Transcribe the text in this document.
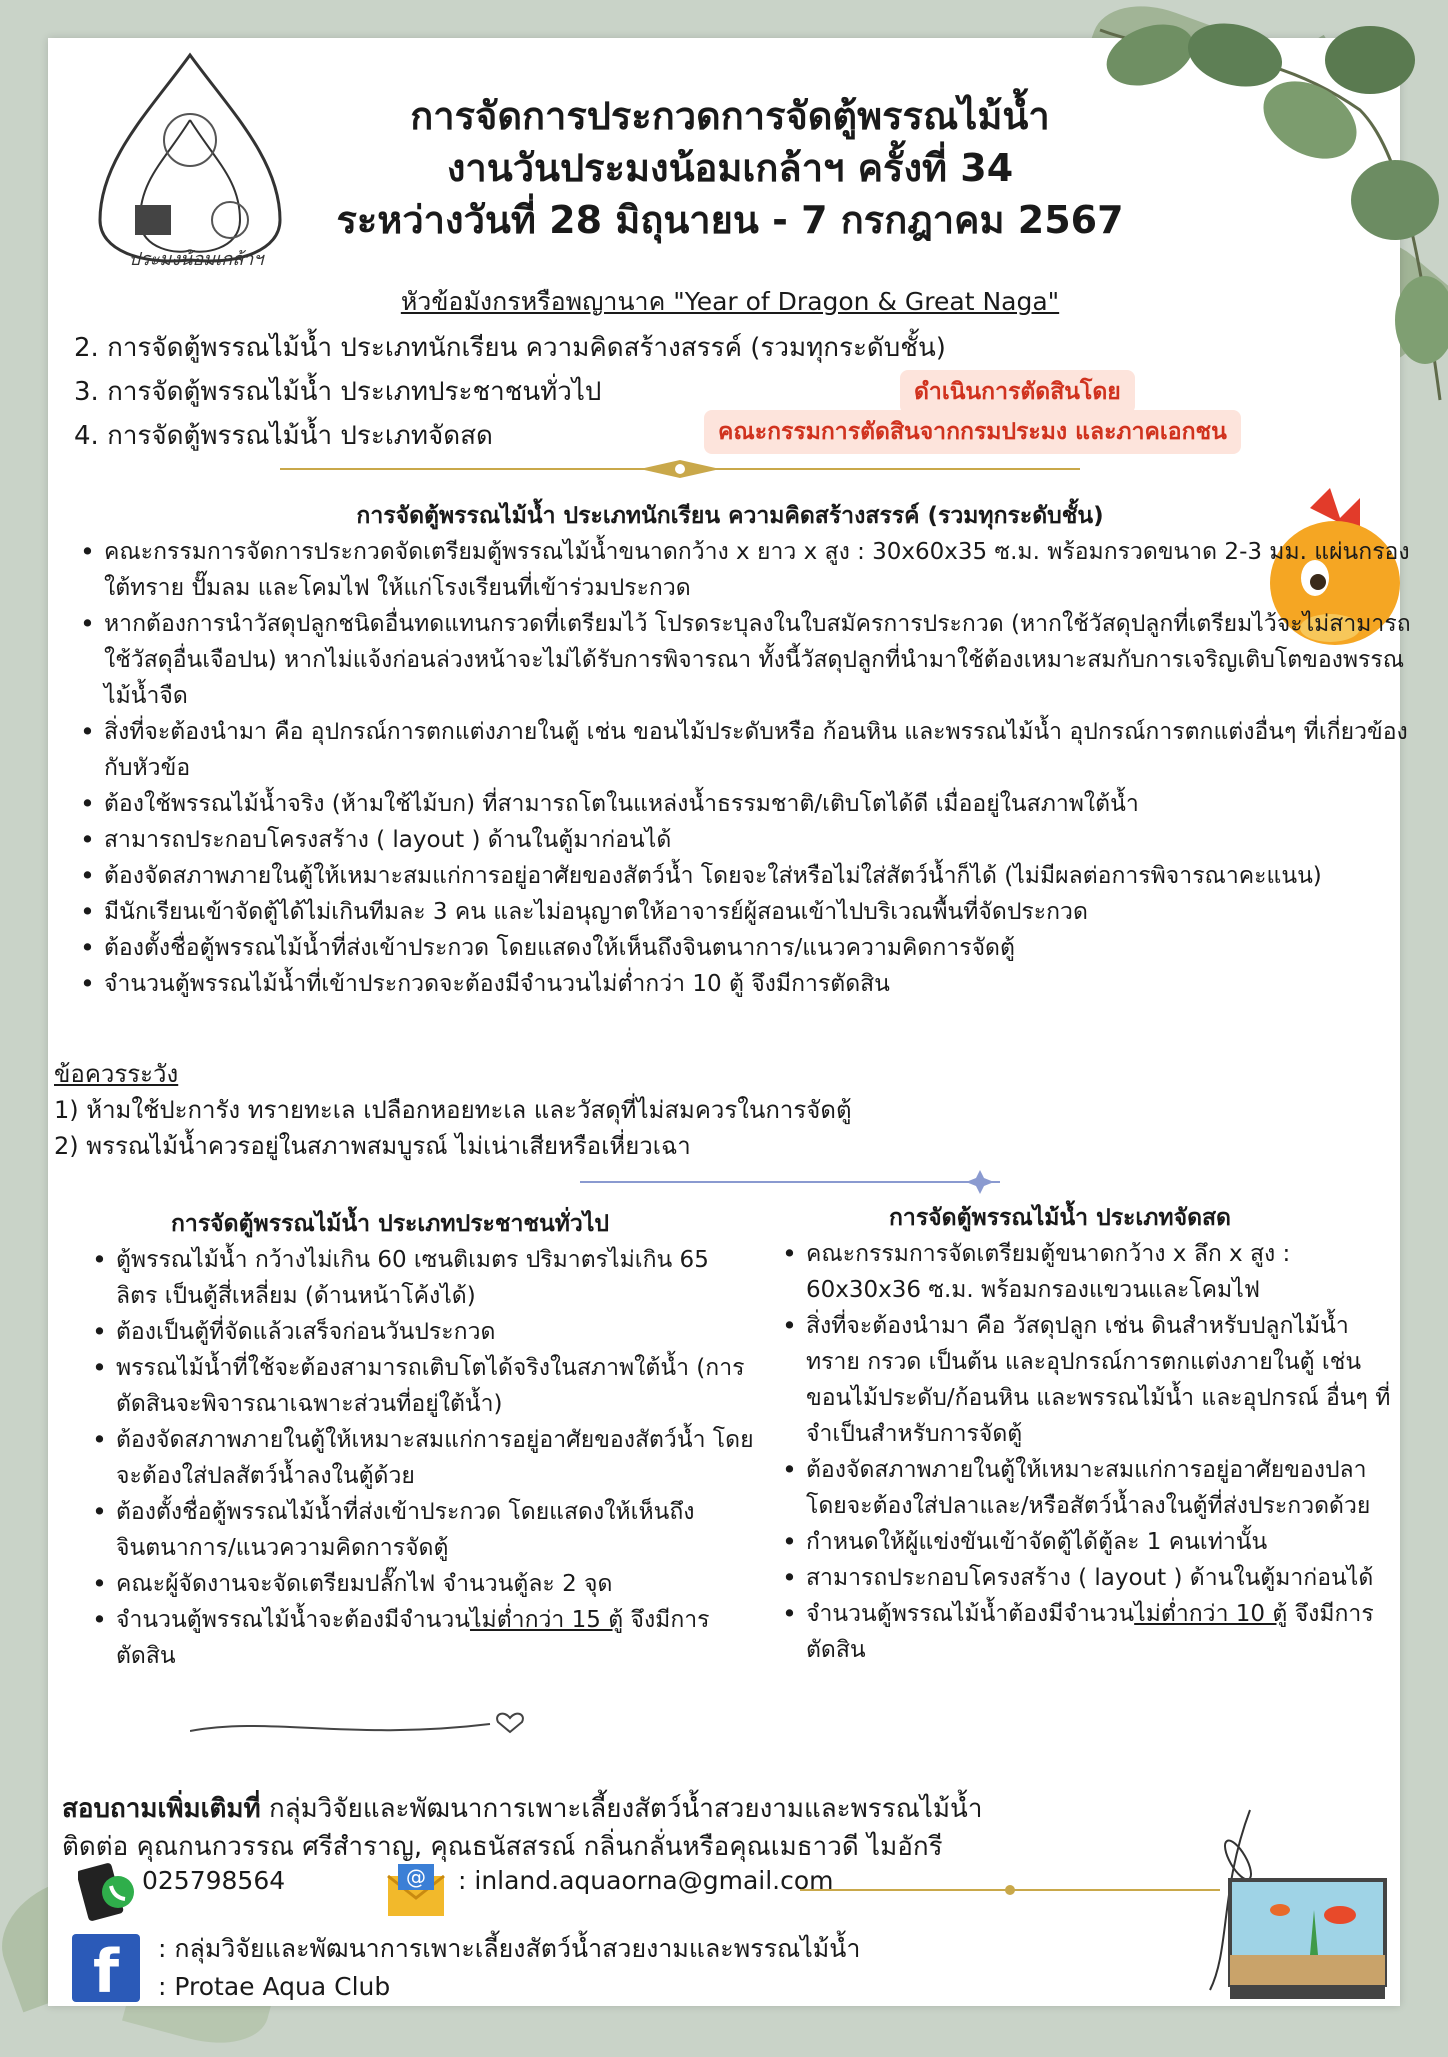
ประมงน้อมเกล้าฯ
การจัดการประกวดการจัดตู้พรรณไม้น้ำ
งานวันประมงน้อมเกล้าฯ ครั้งที่ 34
ระหว่างวันที่ 28 มิถุนายน - 7 กรกฎาคม 2567
หัวข้อมังกรหรือพญานาค "Year of Dragon & Great Naga"
2. การจัดตู้พรรณไม้น้ำ ประเภทนักเรียน ความคิดสร้างสรรค์ (รวมทุกระดับชั้น)
3. การจัดตู้พรรณไม้น้ำ ประเภทประชาชนทั่วไป
4. การจัดตู้พรรณไม้น้ำ ประเภทจัดสด
ดำเนินการตัดสินโดย
คณะกรรมการตัดสินจากกรมประมง และภาคเอกชน
การจัดตู้พรรณไม้น้ำ ประเภทนักเรียน ความคิดสร้างสรรค์ (รวมทุกระดับชั้น)
• คณะกรรมการจัดการประกวดจัดเตรียมตู้พรรณไม้น้ำขนาดกว้าง x ยาว x สูง : 30x60x35 ซ.ม. พร้อมกรวดขนาด 2-3 มม. แผ่นกรองใต้ทราย ปั๊มลม และโคมไฟ ให้แก่โรงเรียนที่เข้าร่วมประกวด
• หากต้องการนำวัสดุปลูกชนิดอื่นทดแทนกรวดที่เตรียมไว้ โปรดระบุลงในใบสมัครการประกวด (หากใช้วัสดุปลูกที่เตรียมไว้จะไม่สามารถใช้วัสดุอื่นเจือปน) หากไม่แจ้งก่อนล่วงหน้าจะไม่ได้รับการพิจารณา ทั้งนี้วัสดุปลูกที่นำมาใช้ต้องเหมาะสมกับการเจริญเติบโตของพรรณไม้น้ำจืด
• สิ่งที่จะต้องนำมา คือ อุปกรณ์การตกแต่งภายในตู้ เช่น ขอนไม้ประดับหรือ ก้อนหิน และพรรณไม้น้ำ อุปกรณ์การตกแต่งอื่นๆ ที่เกี่ยวข้องกับหัวข้อ
• ต้องใช้พรรณไม้น้ำจริง (ห้ามใช้ไม้บก) ที่สามารถโตในแหล่งน้ำธรรมชาติ/เติบโตได้ดี เมื่ออยู่ในสภาพใต้น้ำ
• สามารถประกอบโครงสร้าง ( layout ) ด้านในตู้มาก่อนได้
• ต้องจัดสภาพภายในตู้ให้เหมาะสมแก่การอยู่อาศัยของสัตว์น้ำ โดยจะใส่หรือไม่ใส่สัตว์น้ำก็ได้ (ไม่มีผลต่อการพิจารณาคะแนน)
• มีนักเรียนเข้าจัดตู้ได้ไม่เกินทีมละ 3 คน และไม่อนุญาตให้อาจารย์ผู้สอนเข้าไปบริเวณพื้นที่จัดประกวด
• ต้องตั้งชื่อตู้พรรณไม้น้ำที่ส่งเข้าประกวด โดยแสดงให้เห็นถึงจินตนาการ/แนวความคิดการจัดตู้
• จำนวนตู้พรรณไม้น้ำที่เข้าประกวดจะต้องมีจำนวนไม่ต่ำกว่า 10 ตู้ จึงมีการตัดสิน
ข้อควรระวัง
1) ห้ามใช้ปะการัง ทรายทะเล เปลือกหอยทะเล และวัสดุที่ไม่สมควรในการจัดตู้
2) พรรณไม้น้ำควรอยู่ในสภาพสมบูรณ์ ไม่เน่าเสียหรือเหี่ยวเฉา
การจัดตู้พรรณไม้น้ำ ประเภทประชาชนทั่วไป
• ตู้พรรณไม้น้ำ กว้างไม่เกิน 60 เซนติเมตร ปริมาตรไม่เกิน 65 ลิตร เป็นตู้สี่เหลี่ยม (ด้านหน้าโค้งได้)
• ต้องเป็นตู้ที่จัดแล้วเสร็จก่อนวันประกวด
• พรรณไม้น้ำที่ใช้จะต้องสามารถเติบโตได้จริงในสภาพใต้น้ำ (การตัดสินจะพิจารณาเฉพาะส่วนที่อยู่ใต้น้ำ)
• ต้องจัดสภาพภายในตู้ให้เหมาะสมแก่การอยู่อาศัยของสัตว์น้ำ โดยจะต้องใส่ปลสัตว์น้ำลงในตู้ด้วย
• ต้องตั้งชื่อตู้พรรณไม้น้ำที่ส่งเข้าประกวด โดยแสดงให้เห็นถึงจินตนาการ/แนวความคิดการจัดตู้
• คณะผู้จัดงานจะจัดเตรียมปลั๊กไฟ จำนวนตู้ละ 2 จุด
• จำนวนตู้พรรณไม้น้ำจะต้องมีจำนวนไม่ต่ำกว่า 15 ตู้ จึงมีการตัดสิน
การจัดตู้พรรณไม้น้ำ ประเภทจัดสด
• คณะกรรมการจัดเตรียมตู้ขนาดกว้าง x ลึก x สูง : 60x30x36 ซ.ม. พร้อมกรองแขวนและโคมไฟ
• สิ่งที่จะต้องนำมา คือ วัสดุปลูก เช่น ดินสำหรับปลูกไม้น้ำ ทราย กรวด เป็นต้น และอุปกรณ์การตกแต่งภายในตู้ เช่น ขอนไม้ประดับ/ก้อนหิน และพรรณไม้น้ำ และอุปกรณ์ อื่นๆ ที่จำเป็นสำหรับการจัดตู้
• ต้องจัดสภาพภายในตู้ให้เหมาะสมแก่การอยู่อาศัยของปลา โดยจะต้องใส่ปลาและ/หรือสัตว์น้ำลงในตู้ที่ส่งประกวดด้วย
• กำหนดให้ผู้แข่งขันเข้าจัดตู้ได้ตู้ละ 1 คนเท่านั้น
• สามารถประกอบโครงสร้าง ( layout ) ด้านในตู้มาก่อนได้
• จำนวนตู้พรรณไม้น้ำต้องมีจำนวนไม่ต่ำกว่า 10 ตู้ จึงมีการตัดสิน
สอบถามเพิ่มเติมที่ กลุ่มวิจัยและพัฒนาการเพาะเลี้ยงสัตว์น้ำสวยงามและพรรณไม้น้ำ
ติดต่อ คุณกนกวรรณ ศรีสำราญ, คุณธนัสสรณ์ กลิ่นกลั่นหรือคุณเมธาวดี ไมอักรี
025798564	@ : inland.aquaorna@gmail.com
f	: กลุ่มวิจัยและพัฒนาการเพาะเลี้ยงสัตว์น้ำสวยงามและพรรณไม้น้ำ
: Protae Aqua Club
